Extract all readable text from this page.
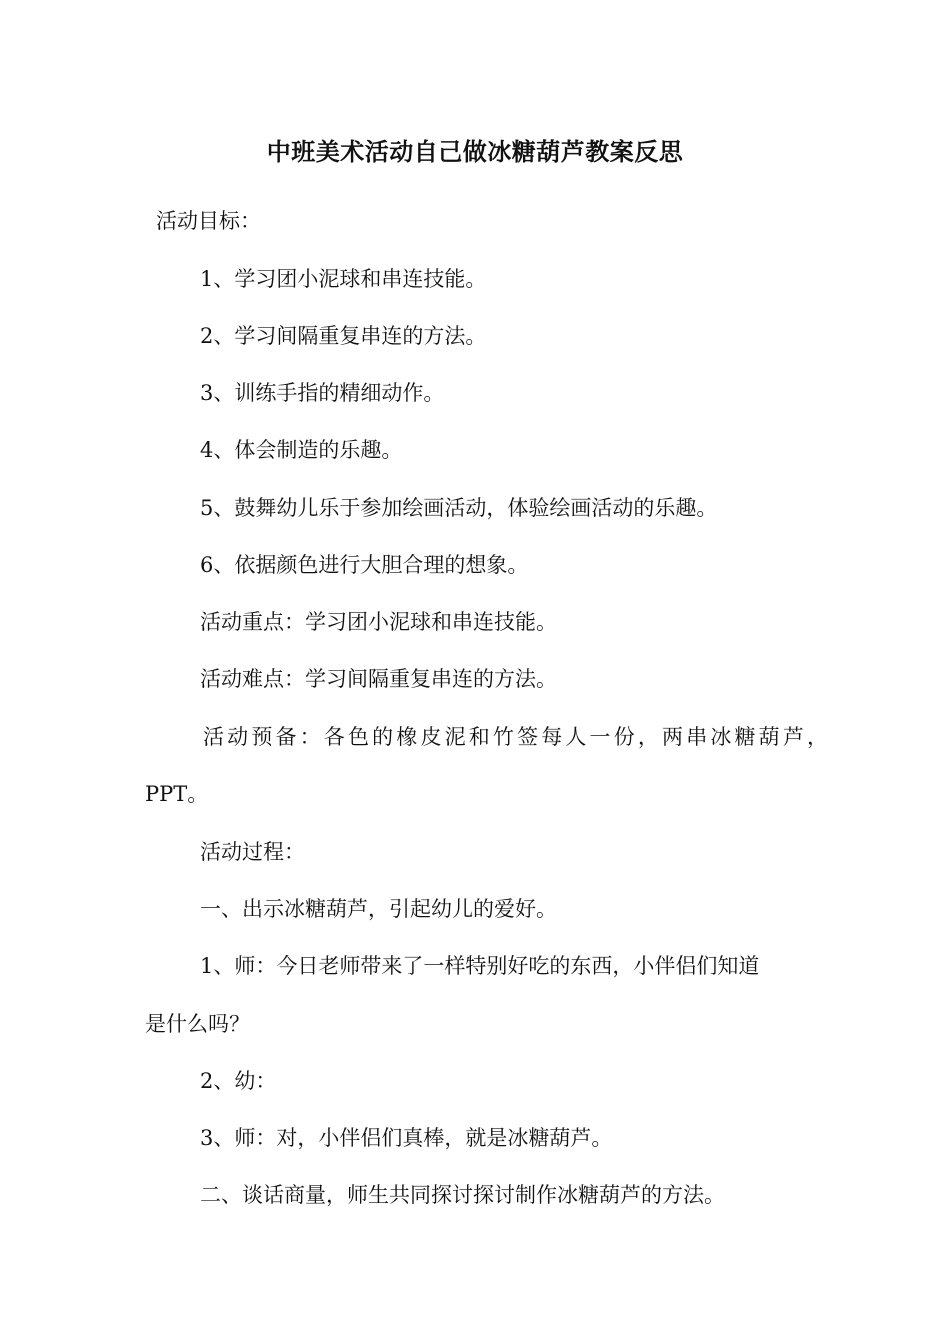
中班美术活动自己做冰糖葫芦教案反思
活动目标：
1、学习团小泥球和串连技能。
2、学习间隔重复串连的方法。
3、训练手指的精细动作。
4、体会制造的乐趣。
5、鼓舞幼儿乐于参加绘画活动，体验绘画活动的乐趣。
6、依据颜色进行大胆合理的想象。
活动重点：学习团小泥球和串连技能。
活动难点：学习间隔重复串连的方法。
活动预备：各色的橡皮泥和竹签每人一份，两串冰糖葫芦，
PPT。
活动过程：
一、出示冰糖葫芦，引起幼儿的爱好。
1、师：今日老师带来了一样特别好吃的东西，小伴侣们知道
是什么吗？
2、幼：
3、师：对，小伴侣们真棒，就是冰糖葫芦。
二、谈话商量，师生共同探讨探讨制作冰糖葫芦的方法。
